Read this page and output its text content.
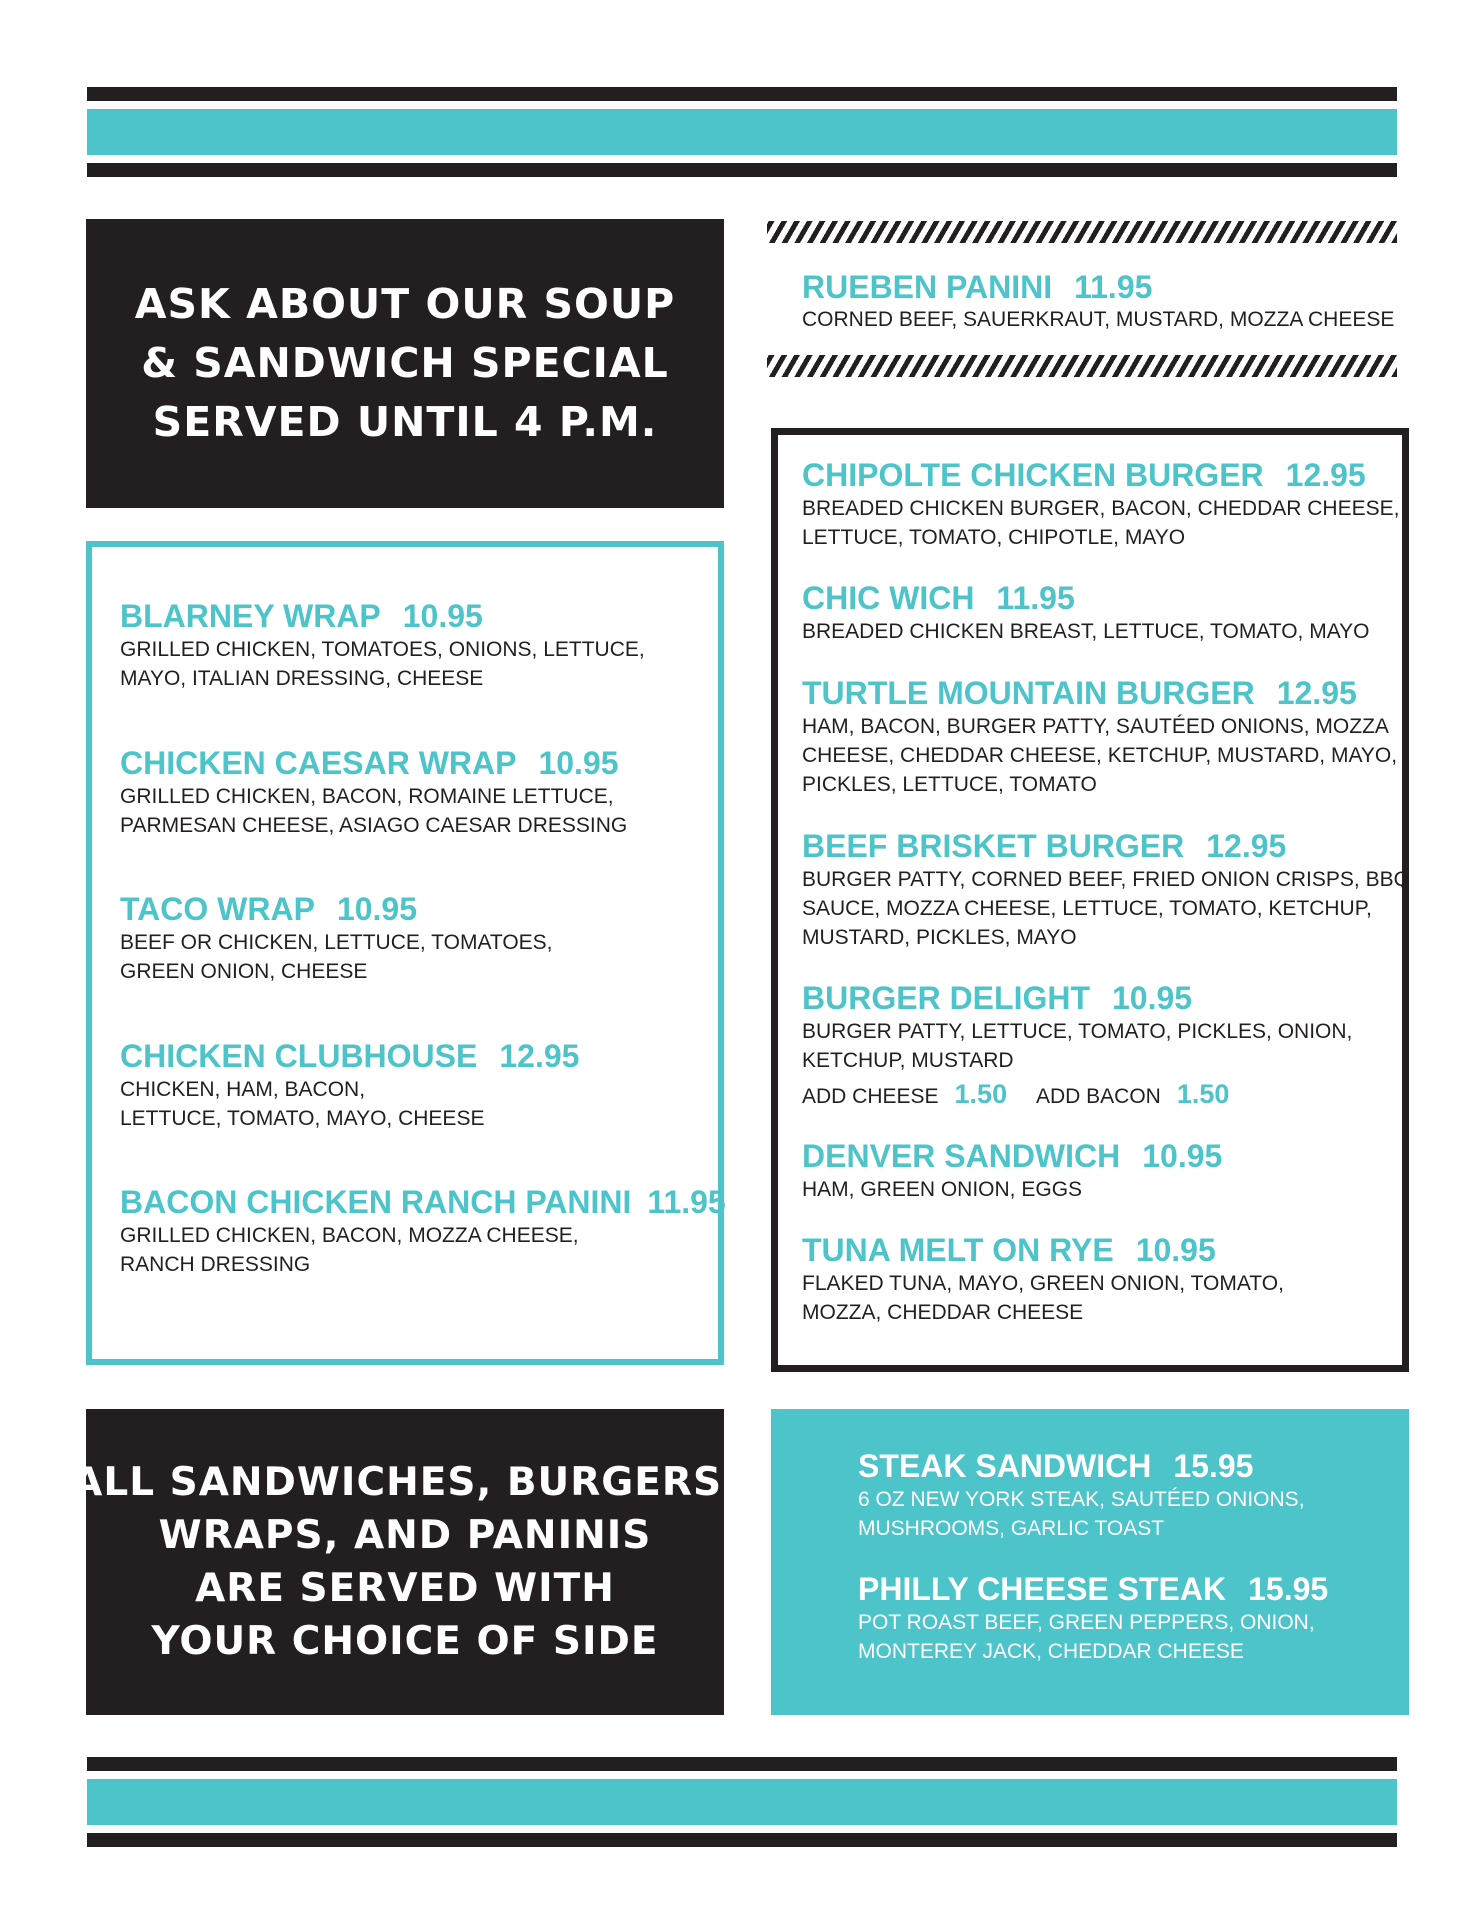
ASK ABOUT OUR SOUP
& SANDWICH SPECIAL
SERVED UNTIL 4 P.M.
BLARNEY WRAP 10.95
GRILLED CHICKEN, TOMATOES, ONIONS, LETTUCE,
MAYO, ITALIAN DRESSING, CHEESE
CHICKEN CAESAR WRAP 10.95
GRILLED CHICKEN, BACON, ROMAINE LETTUCE,
PARMESAN CHEESE, ASIAGO CAESAR DRESSING
TACO WRAP 10.95
BEEF OR CHICKEN, LETTUCE, TOMATOES,
GREEN ONION, CHEESE
CHICKEN CLUBHOUSE 12.95
CHICKEN, HAM, BACON,
LETTUCE, TOMATO, MAYO, CHEESE
BACON CHICKEN RANCH PANINI 11.95
GRILLED CHICKEN, BACON, MOZZA CHEESE,
RANCH DRESSING
RUEBEN PANINI 11.95
CORNED BEEF, SAUERKRAUT, MUSTARD, MOZZA CHEESE
CHIPOLTE CHICKEN BURGER 12.95
BREADED CHICKEN BURGER, BACON, CHEDDAR CHEESE,
LETTUCE, TOMATO, CHIPOTLE, MAYO
CHIC WICH 11.95
BREADED CHICKEN BREAST, LETTUCE, TOMATO, MAYO
TURTLE MOUNTAIN BURGER 12.95
HAM, BACON, BURGER PATTY, SAUTÉED ONIONS, MOZZA
CHEESE, CHEDDAR CHEESE, KETCHUP, MUSTARD, MAYO,
PICKLES, LETTUCE, TOMATO
BEEF BRISKET BURGER 12.95
BURGER PATTY, CORNED BEEF, FRIED ONION CRISPS, BBQ
SAUCE, MOZZA CHEESE, LETTUCE, TOMATO, KETCHUP,
MUSTARD, PICKLES, MAYO
BURGER DELIGHT 10.95
BURGER PATTY, LETTUCE, TOMATO, PICKLES, ONION,
KETCHUP, MUSTARD
ADD CHEESE 1.50 ADD BACON 1.50
DENVER SANDWICH 10.95
HAM, GREEN ONION, EGGS
TUNA MELT ON RYE 10.95
FLAKED TUNA, MAYO, GREEN ONION, TOMATO,
MOZZA, CHEDDAR CHEESE
ALL SANDWICHES, BURGERS,
WRAPS, AND PANINIS
ARE SERVED WITH
YOUR CHOICE OF SIDE
STEAK SANDWICH 15.95
6 OZ NEW YORK STEAK, SAUTÉED ONIONS,
MUSHROOMS, GARLIC TOAST
PHILLY CHEESE STEAK 15.95
POT ROAST BEEF, GREEN PEPPERS, ONION,
MONTEREY JACK, CHEDDAR CHEESE
